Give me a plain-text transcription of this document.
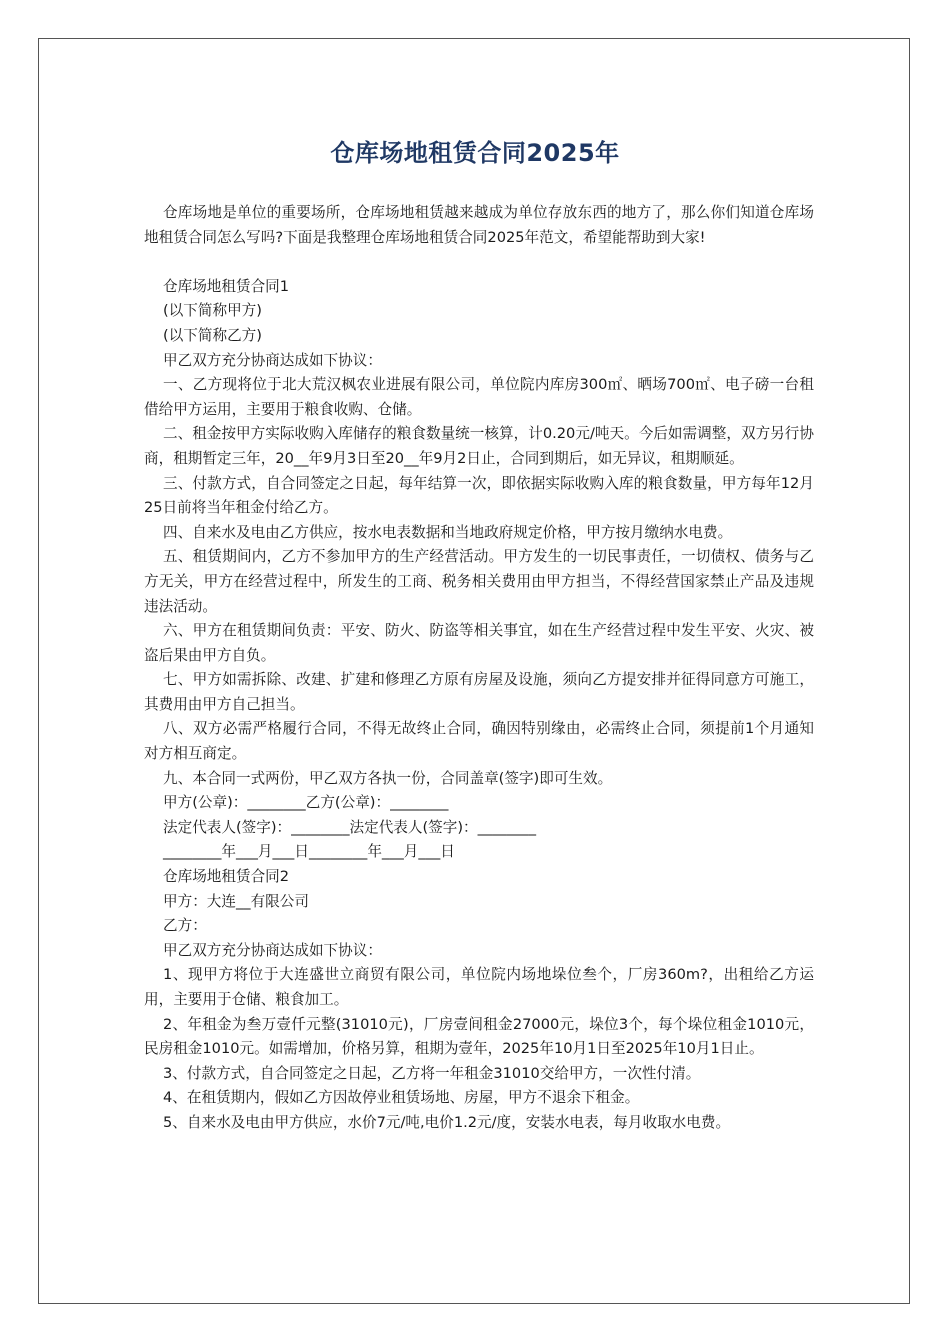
仓库场地租赁合同2025年

仓库场地是单位的重要场所，仓库场地租赁越来越成为单位存放东西的地方了，那么你们知道仓库场地租赁合同怎么写吗?下面是我整理仓库场地租赁合同2025年范文，希望能帮助到大家!

仓库场地租赁合同1

(以下简称甲方)

(以下简称乙方)

甲乙双方充分协商达成如下协议：

一、乙方现将位于北大荒汉枫农业进展有限公司，单位院内库房300㎡、晒场700㎡、电子磅一台租借给甲方运用，主要用于粮食收购、仓储。

二、租金按甲方实际收购入库储存的粮食数量统一核算，计0.20元/吨天。今后如需调整，双方另行协商，租期暂定三年，20__年9月3日至20__年9月2日止，合同到期后，如无异议，租期顺延。

三、付款方式，自合同签定之日起，每年结算一次，即依据实际收购入库的粮食数量，甲方每年12月25日前将当年租金付给乙方。

四、自来水及电由乙方供应，按水电表数据和当地政府规定价格，甲方按月缴纳水电费。

五、租赁期间内，乙方不参加甲方的生产经营活动。甲方发生的一切民事责任，一切债权、债务与乙方无关，甲方在经营过程中，所发生的工商、税务相关费用由甲方担当，不得经营国家禁止产品及违规违法活动。

六、甲方在租赁期间负责：平安、防火、防盗等相关事宜，如在生产经营过程中发生平安、火灾、被盗后果由甲方自负。

七、甲方如需拆除、改建、扩建和修理乙方原有房屋及设施，须向乙方提安排并征得同意方可施工，其费用由甲方自己担当。

八、双方必需严格履行合同，不得无故终止合同，确因特别缘由，必需终止合同，须提前1个月通知对方相互商定。

九、本合同一式两份，甲乙双方各执一份，合同盖章(签字)即可生效。

甲方(公章)：________乙方(公章)：________

法定代表人(签字)：________法定代表人(签字)：________

________年___月___日________年___月___日

仓库场地租赁合同2

甲方：大连__有限公司

乙方：

甲乙双方充分协商达成如下协议：

1、现甲方将位于大连盛世立商贸有限公司，单位院内场地垛位叁个，厂房360m?，出租给乙方运用，主要用于仓储、粮食加工。

2、年租金为叁万壹仟元整(31010元)，厂房壹间租金27000元，垛位3个，每个垛位租金1010元，民房租金1010元。如需增加，价格另算，租期为壹年，2025年10月1日至2025年10月1日止。

3、付款方式，自合同签定之日起，乙方将一年租金31010交给甲方，一次性付清。

4、在租赁期内，假如乙方因故停业租赁场地、房屋，甲方不退余下租金。

5、自来水及电由甲方供应，水价7元/吨,电价1.2元/度，安装水电表，每月收取水电费。
